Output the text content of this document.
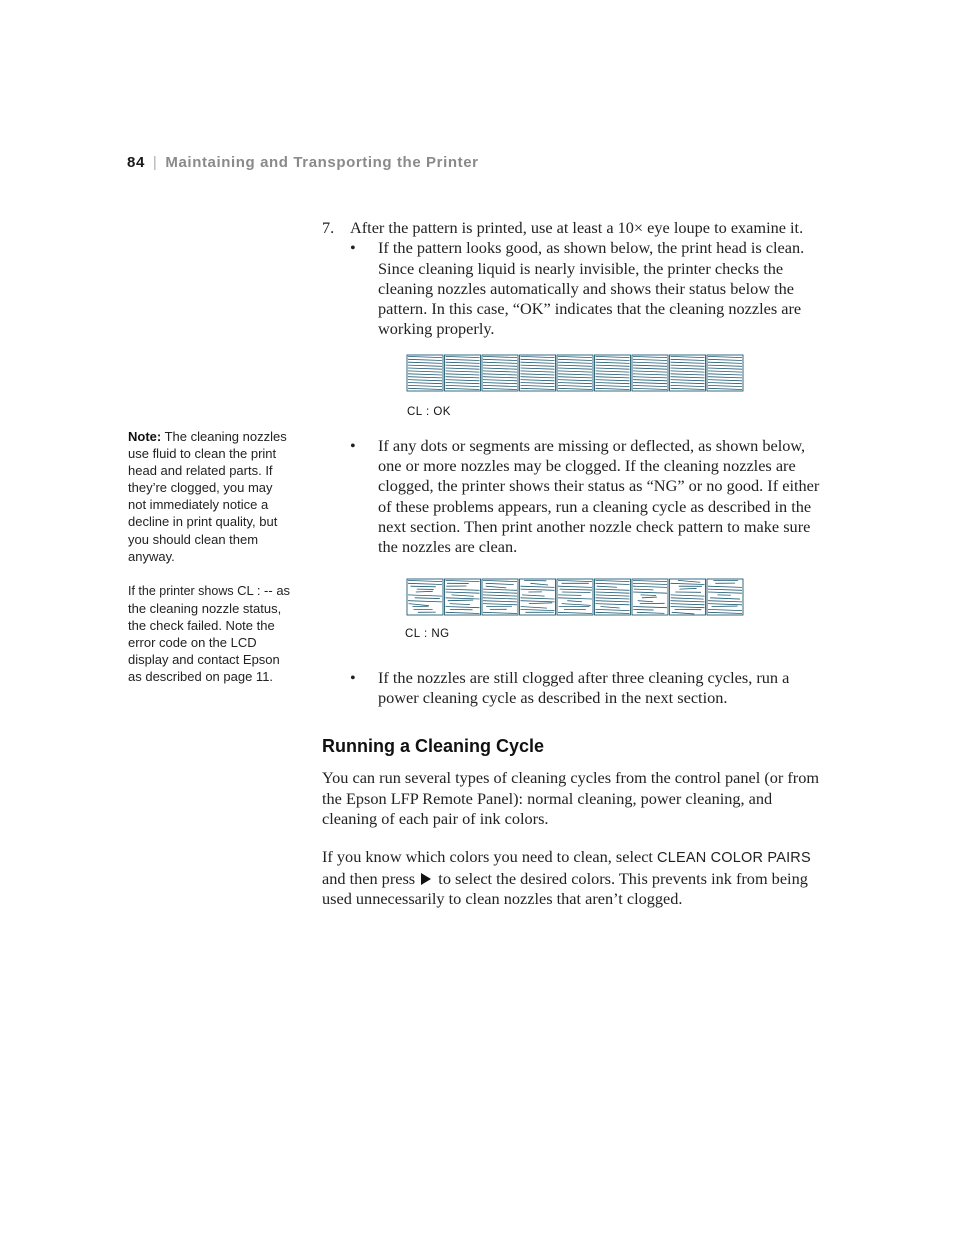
84 | Maintaining and Transporting the Printer

Note: The cleaning nozzles use fluid to clean the print head and related parts. If they’re clogged, you may not immediately notice a decline in print quality, but you should clean them anyway.

If the printer shows CL : -- as the cleaning nozzle status, the check failed. Note the error code on the LCD display and contact Epson as described on page 11.

7. After the pattern is printed, use at least a 10× eye loupe to examine it.

• If the pattern looks good, as shown below, the print head is clean. Since cleaning liquid is nearly invisible, the printer checks the cleaning nozzles automatically and shows their status below the pattern. In this case, “OK” indicates that the cleaning nozzles are working properly.

CL : OK

• If any dots or segments are missing or deflected, as shown below, one or more nozzles may be clogged. If the cleaning nozzles are clogged, the printer shows their status as “NG” or no good. If either of these problems appears, run a cleaning cycle as described in the next section. Then print another nozzle check pattern to make sure the nozzles are clean.

CL : NG

• If the nozzles are still clogged after three cleaning cycles, run a power cleaning cycle as described in the next section.

Running a Cleaning Cycle

You can run several types of cleaning cycles from the control panel (or from the Epson LFP Remote Panel): normal cleaning, power cleaning, and cleaning of each pair of ink colors.

If you know which colors you need to clean, select CLEAN COLOR PAIRS and then press  to select the desired colors. This prevents ink from being used unnecessarily to clean nozzles that aren’t clogged.
